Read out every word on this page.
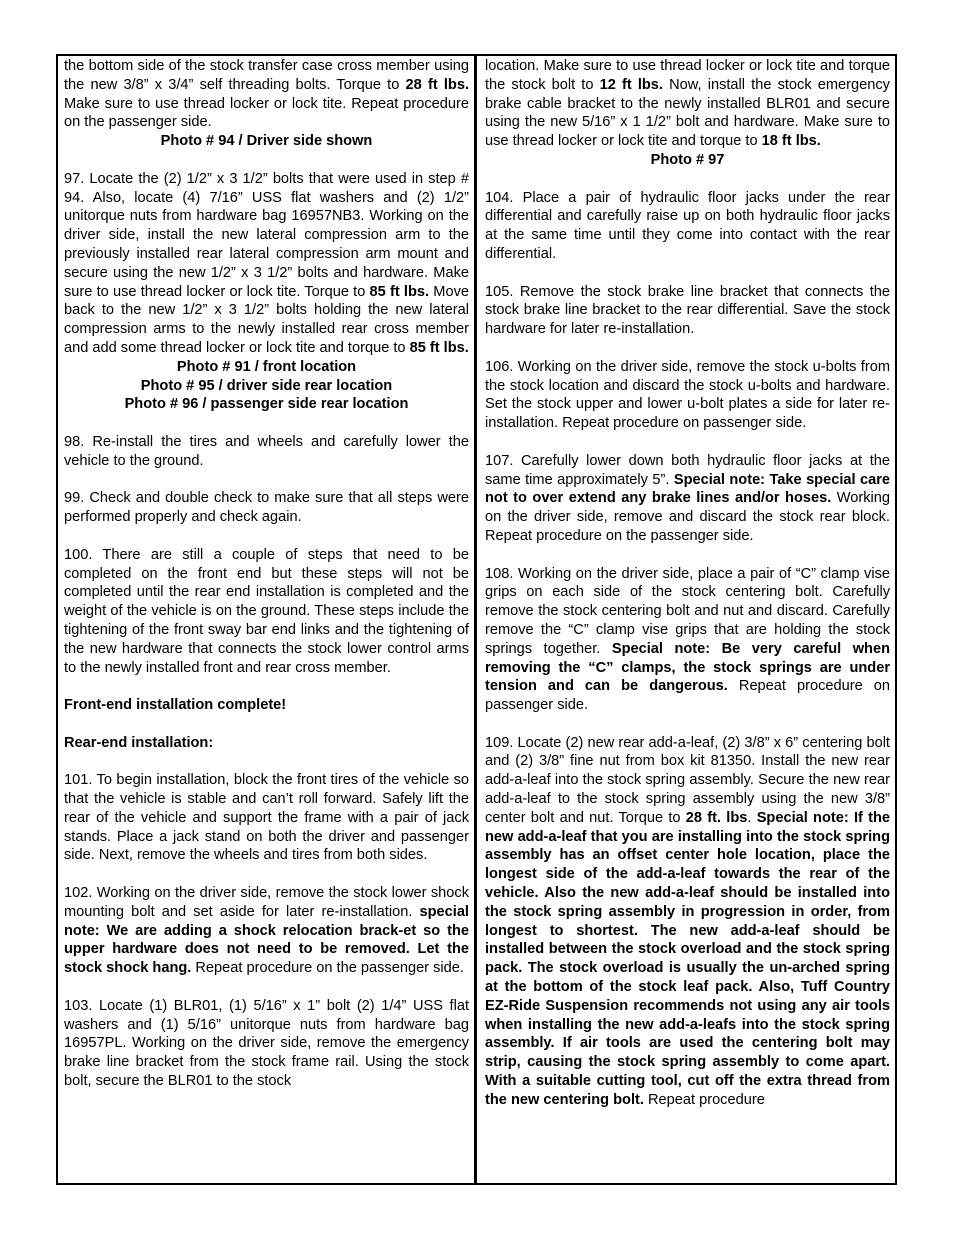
the bottom side of the stock transfer case cross member using the new 3/8” x 3/4” self threading bolts. Torque to 28 ft lbs. Make sure to use thread locker or lock tite. Repeat procedure on the passenger side.

Photo # 94 / Driver side shown

97. Locate the (2) 1/2” x 3 1/2” bolts that were used in step # 94. Also, locate (4) 7/16” USS flat washers and (2) 1/2” unitorque nuts from hardware bag 16957NB3. Working on the driver side, install the new lateral compression arm to the previously installed rear lateral compression arm mount and secure using the new 1/2” x 3 1/2” bolts and hardware. Make sure to use thread locker or lock tite. Torque to 85 ft lbs. Move back to the new 1/2” x 3 1/2” bolts holding the new lateral compression arms to the newly installed rear cross member and add some thread locker or lock tite and torque to 85 ft lbs.

Photo # 91 / front location

Photo # 95 / driver side rear location

Photo # 96 / passenger side rear location

98. Re-install the tires and wheels and carefully lower the vehicle to the ground.

99. Check and double check to make sure that all steps were performed properly and check again.

100. There are still a couple of steps that need to be completed on the front end but these steps will not be completed until the rear end installation is completed and the weight of the vehicle is on the ground. These steps include the tightening of the front sway bar end links and the tightening of the new hardware that connects the stock lower control arms to the newly installed front and rear cross member.

Front-end installation complete!

Rear-end installation:

101. To begin installation, block the front tires of the vehicle so that the vehicle is stable and can’t roll forward. Safely lift the rear of the vehicle and support the frame with a pair of jack stands. Place a jack stand on both the driver and passenger side. Next, remove the wheels and tires from both sides.

102. Working on the driver side, remove the stock lower shock mounting bolt and set aside for later re-installation. special note: We are adding a shock relocation brack-et so the upper hardware does not need to be removed. Let the stock shock hang. Repeat procedure on the passenger side.

103. Locate (1) BLR01, (1) 5/16” x 1” bolt (2) 1/4” USS flat washers and (1) 5/16” unitorque nuts from hardware bag 16957PL. Working on the driver side, remove the emergency brake line bracket from the stock frame rail. Using the stock bolt, secure the BLR01 to the stock

location. Make sure to use thread locker or lock tite and torque the stock bolt to 12 ft lbs. Now, install the stock emergency brake cable bracket to the newly installed BLR01 and secure using the new 5/16” x 1 1/2” bolt and hardware. Make sure to use thread locker or lock tite and torque to 18 ft lbs.

Photo # 97

104. Place a pair of hydraulic floor jacks under the rear differential and carefully raise up on both hydraulic floor jacks at the same time until they come into contact with the rear differential.

105. Remove the stock brake line bracket that connects the stock brake line bracket to the rear differential. Save the stock hardware for later re-installation.

106. Working on the driver side, remove the stock u-bolts from the stock location and discard the stock u-bolts and hardware. Set the stock upper and lower u-bolt plates a side for later re-installation. Repeat procedure on passenger side.

107. Carefully lower down both hydraulic floor jacks at the same time approximately 5”. Special note: Take special care not to over extend any brake lines and/or hoses. Working on the driver side, remove and discard the stock rear block. Repeat procedure on the passenger side.

108. Working on the driver side, place a pair of “C” clamp vise grips on each side of the stock centering bolt. Carefully remove the stock centering bolt and nut and discard. Carefully remove the “C” clamp vise grips that are holding the stock springs together. Special note: Be very careful when removing the “C” clamps, the stock springs are under tension and can be dangerous. Repeat procedure on passenger side.

109. Locate (2) new rear add-a-leaf, (2) 3/8” x 6” centering bolt and (2) 3/8” fine nut from box kit 81350. Install the new rear add-a-leaf into the stock spring assembly. Secure the new rear add-a-leaf to the stock spring assembly using the new 3/8” center bolt and nut. Torque to 28 ft. lbs. Special note: If the new add-a-leaf that you are installing into the stock spring assembly has an offset center hole location, place the longest side of the add-a-leaf towards the rear of the vehicle. Also the new add-a-leaf should be installed into the stock spring assembly in progression in order, from longest to shortest. The new add-a-leaf should be installed between the stock overload and the stock spring pack. The stock overload is usually the un-arched spring at the bottom of the stock leaf pack. Also, Tuff Country EZ-Ride Suspension recommends not using any air tools when installing the new add-a-leafs into the stock spring assembly. If air tools are used the centering bolt may strip, causing the stock spring assembly to come apart. With a suitable cutting tool, cut off the extra thread from the new centering bolt. Repeat procedure
